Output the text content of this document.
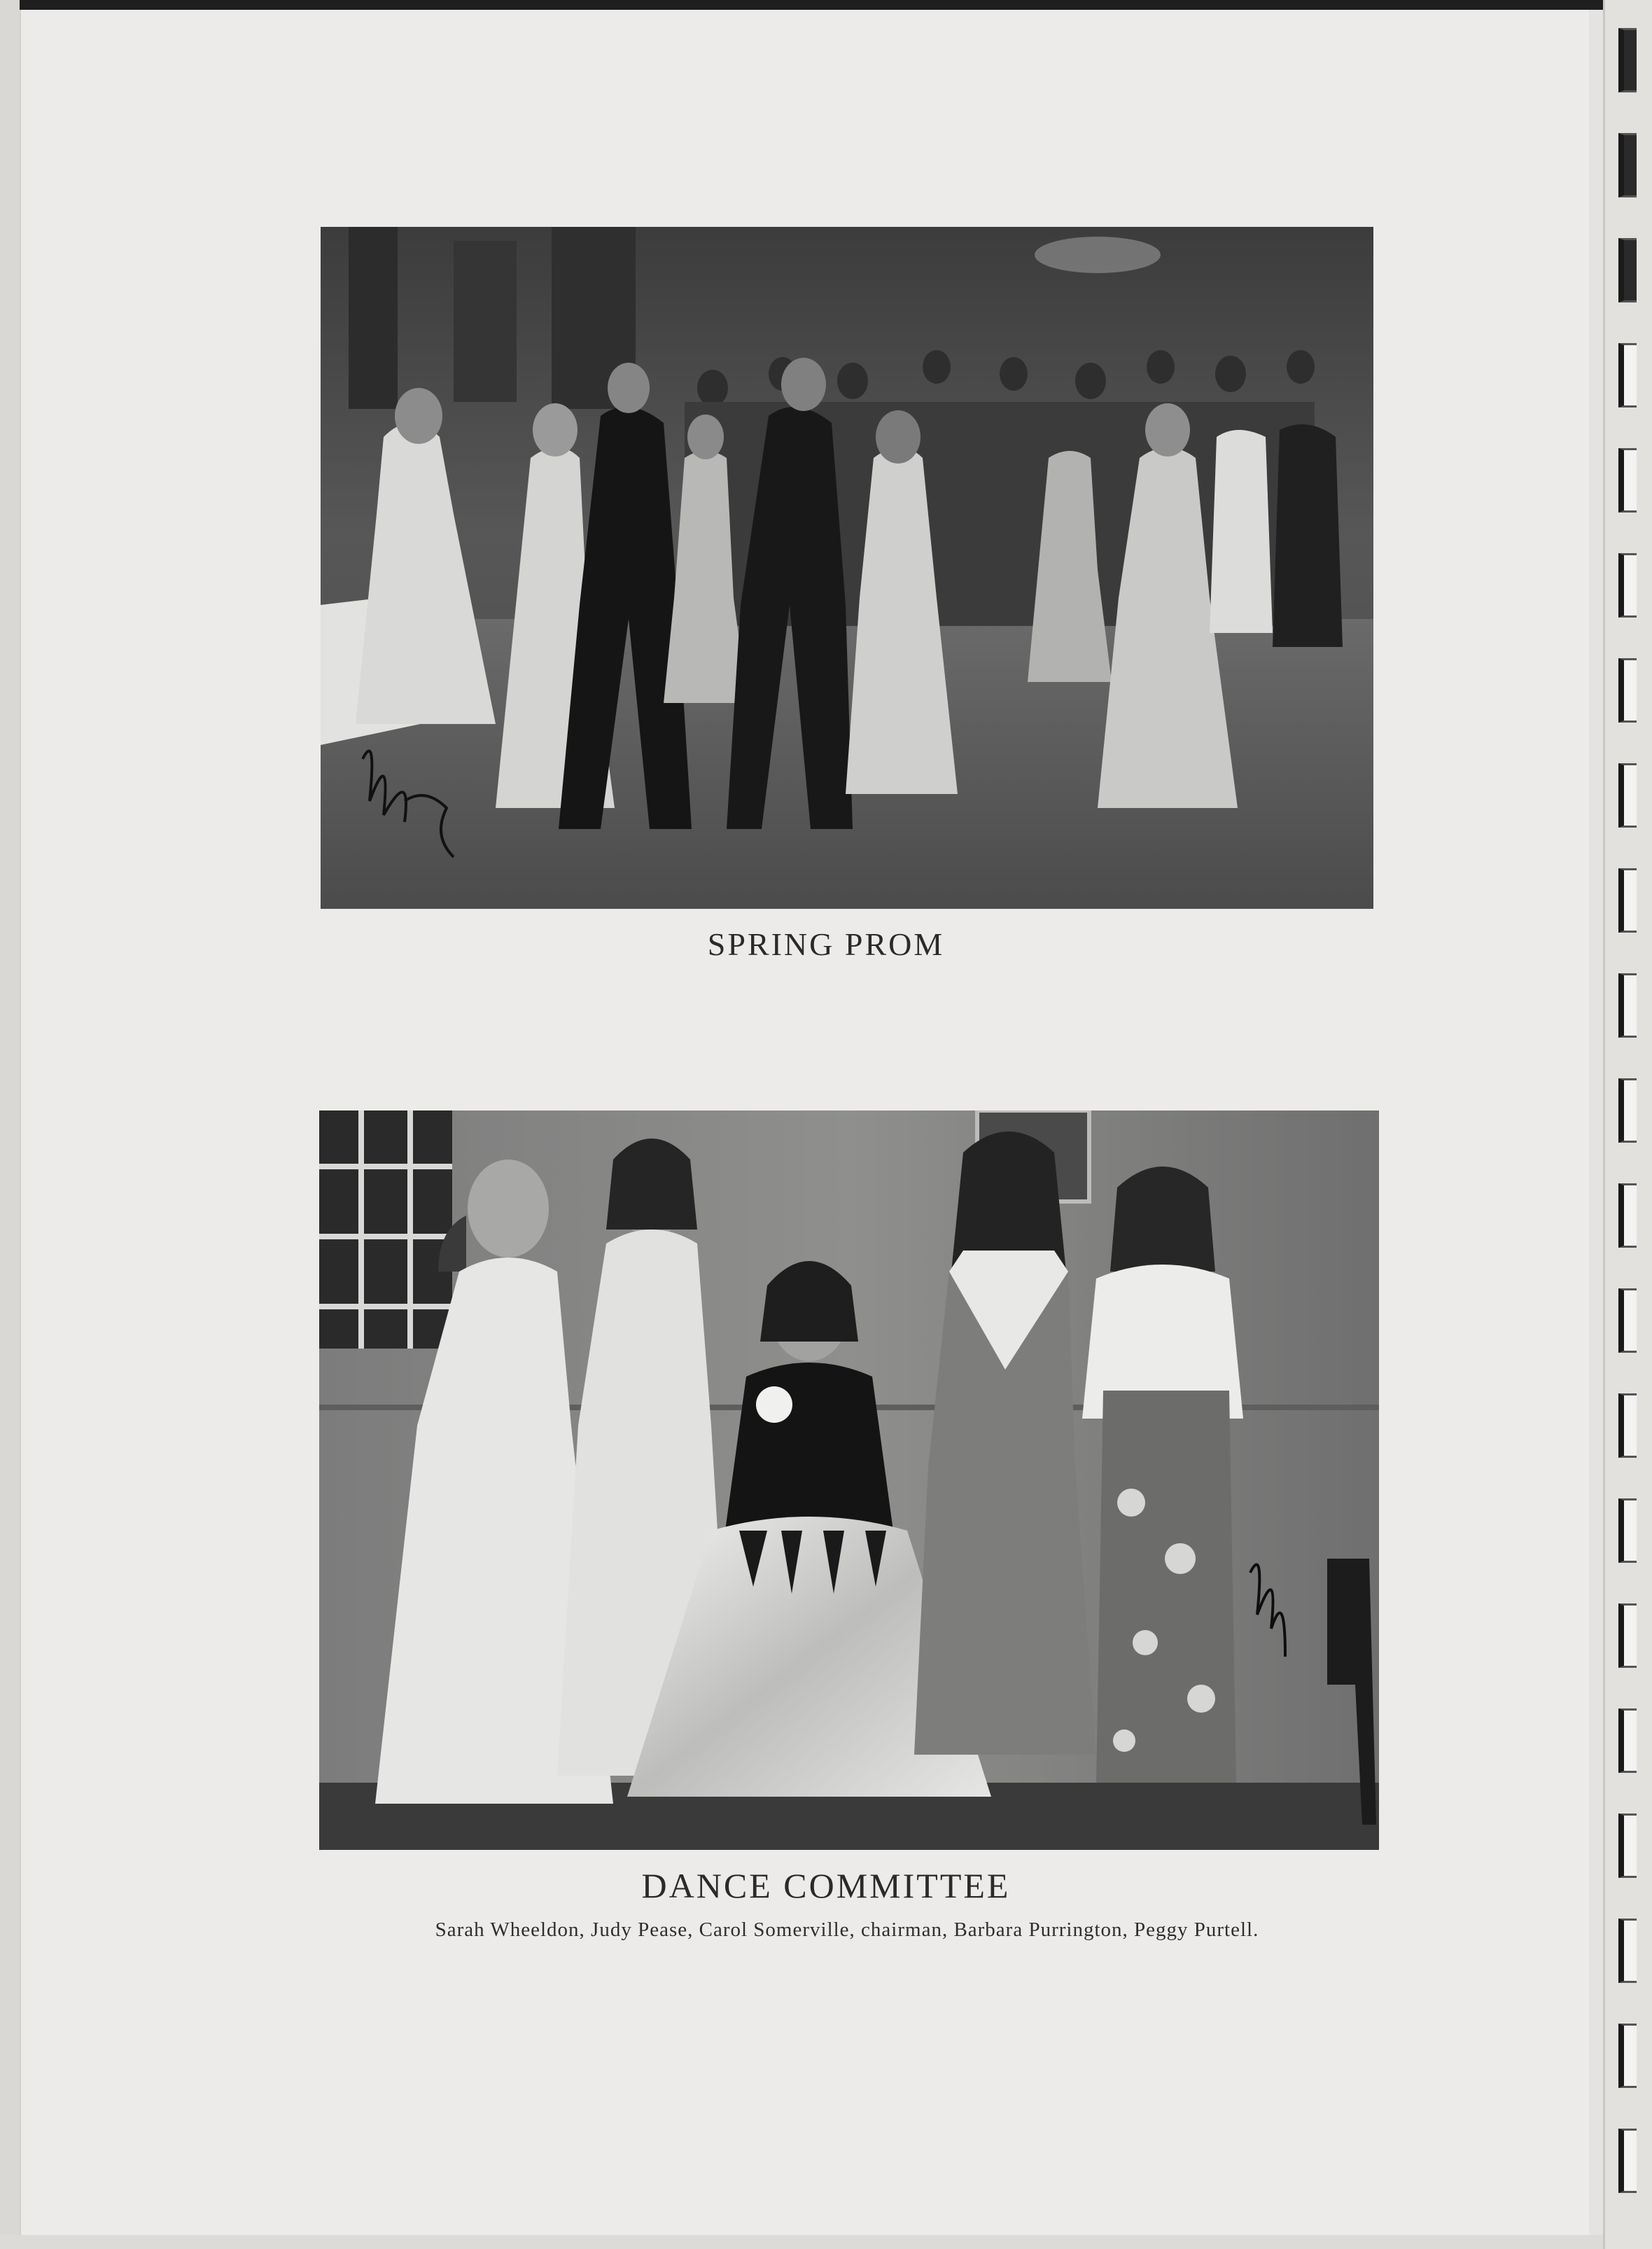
SPRING PROM
DANCE COMMITTEE
Sarah Wheeldon, Judy Pease, Carol Somerville, chairman, Barbara Purrington, Peggy Purtell.
